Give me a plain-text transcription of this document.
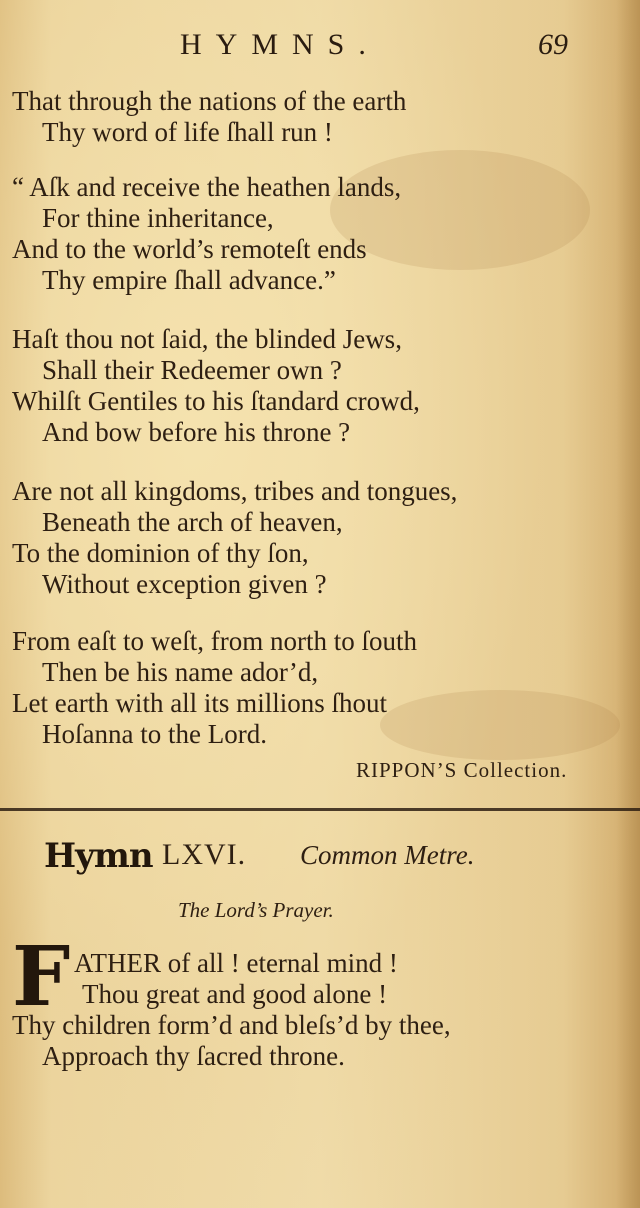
HYMNS.	69
That through the nations of the earth
Thy word of life ſhall run !
“ Aſk and receive the heathen lands,
For thine inheritance,
And to the world’s remoteſt ends
Thy empire ſhall advance.”
Haſt thou not ſaid, the blinded Jews,
Shall their Redeemer own ?
Whilſt Gentiles to his ſtandard crowd,
And bow before his throne ?
Are not all kingdoms, tribes and tongues,
Beneath the arch of heaven,
To the dominion of thy ſon,
Without exception given ?
From eaſt to weſt, from north to ſouth
Then be his name ador’d,
Let earth with all its millions ſhout
Hoſanna to the Lord.
RIPPON’S Collection.
Hymn LXVI. Common Metre.
The Lord’s Prayer.
F ATHER of all ! eternal mind !
Thou great and good alone !
Thy children form’d and bleſs’d by thee,
Approach thy ſacred throne.
